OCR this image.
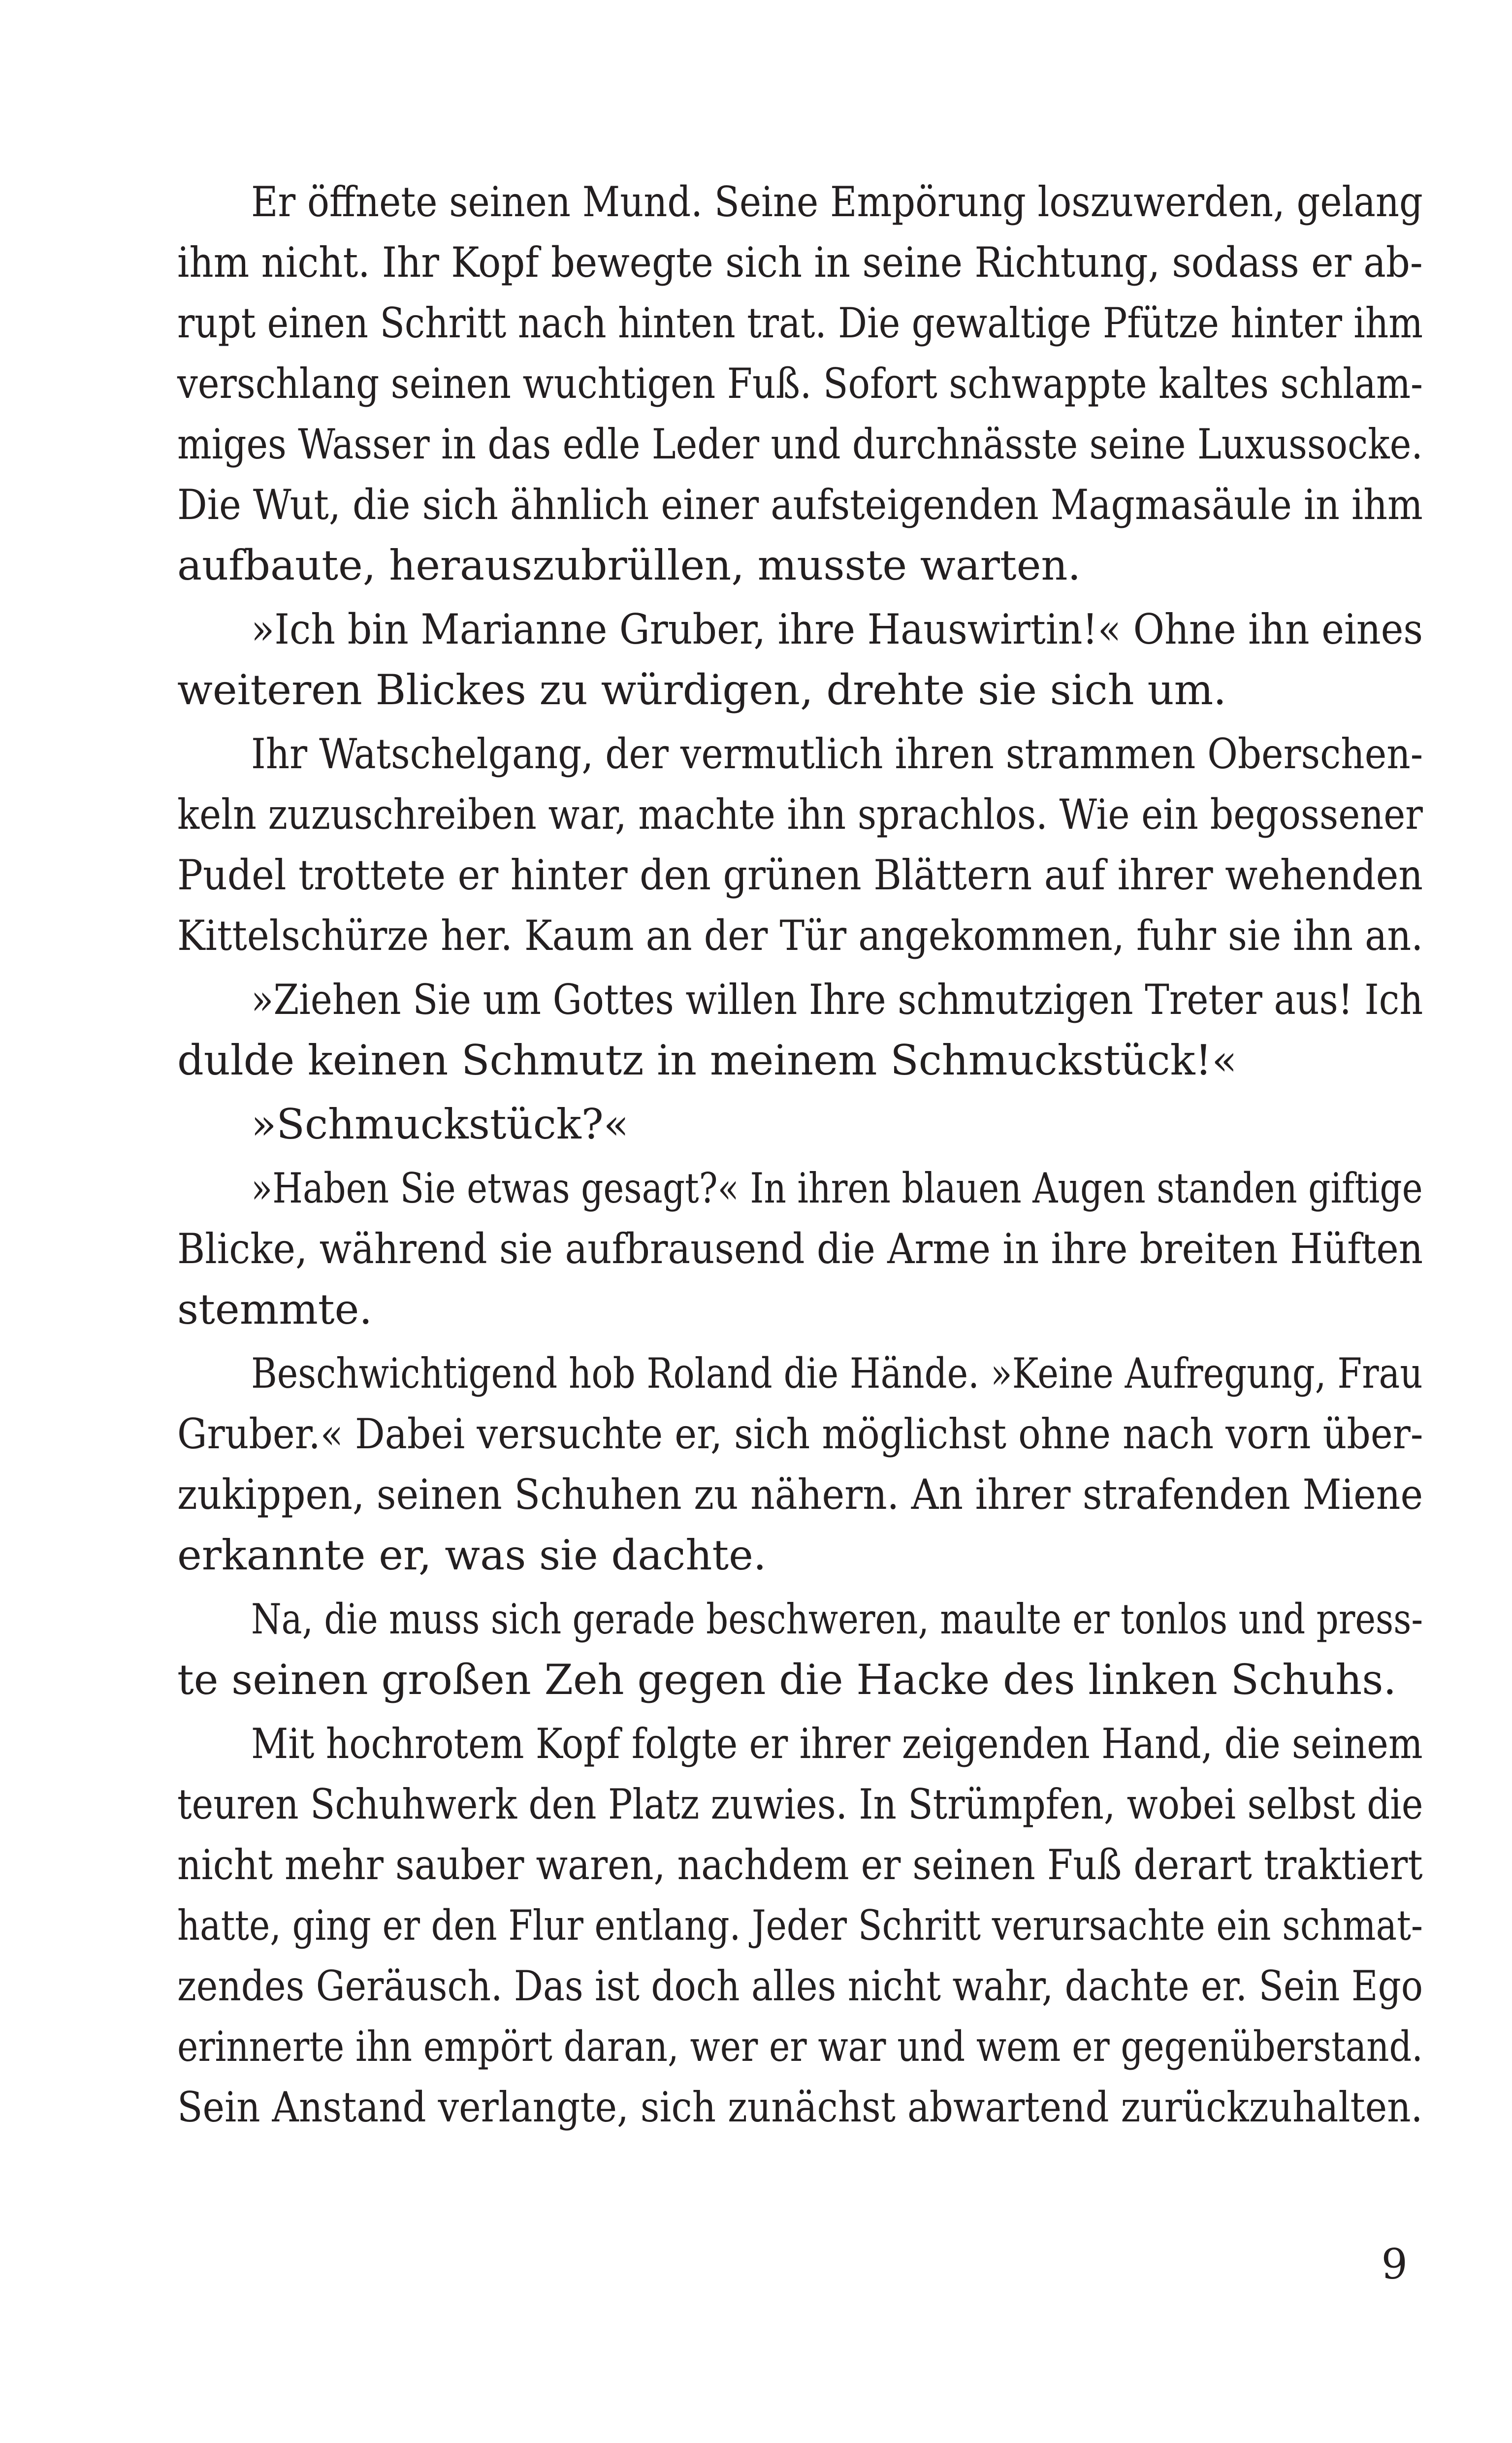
Er öffnete seinen Mund. Seine Empörung loszuwerden, gelang
ihm nicht. Ihr Kopf bewegte sich in seine Richtung, sodass er ab-
rupt einen Schritt nach hinten trat. Die gewaltige Pfütze hinter ihm
verschlang seinen wuchtigen Fuß. Sofort schwappte kaltes schlam-
miges Wasser in das edle Leder und durchnässte seine Luxussocke.
Die Wut, die sich ähnlich einer aufsteigenden Magmasäule in ihm
aufbaute, herauszubrüllen, musste warten.
»Ich bin Marianne Gruber, ihre Hauswirtin!« Ohne ihn eines
weiteren Blickes zu würdigen, drehte sie sich um.
Ihr Watschelgang, der vermutlich ihren strammen Oberschen-
keln zuzuschreiben war, machte ihn sprachlos. Wie ein begossener
Pudel trottete er hinter den grünen Blättern auf ihrer wehenden
Kittelschürze her. Kaum an der Tür angekommen, fuhr sie ihn an.
»Ziehen Sie um Gottes willen Ihre schmutzigen Treter aus! Ich
dulde keinen Schmutz in meinem Schmuckstück!«
»Schmuckstück?«
»Haben Sie etwas gesagt?« In ihren blauen Augen standen giftige
Blicke, während sie aufbrausend die Arme in ihre breiten Hüften
stemmte.
Beschwichtigend hob Roland die Hände. »Keine Aufregung, Frau
Gruber.« Dabei versuchte er, sich möglichst ohne nach vorn über-
zukippen, seinen Schuhen zu nähern. An ihrer strafenden Miene
erkannte er, was sie dachte.
Na, die muss sich gerade beschweren, maulte er tonlos und press-
te seinen großen Zeh gegen die Hacke des linken Schuhs.
Mit hochrotem Kopf folgte er ihrer zeigenden Hand, die seinem
teuren Schuhwerk den Platz zuwies. In Strümpfen, wobei selbst die
nicht mehr sauber waren, nachdem er seinen Fuß derart traktiert
hatte, ging er den Flur entlang. Jeder Schritt verursachte ein schmat-
zendes Geräusch. Das ist doch alles nicht wahr, dachte er. Sein Ego
erinnerte ihn empört daran, wer er war und wem er gegenüberstand.
Sein Anstand verlangte, sich zunächst abwartend zurückzuhalten.
9
